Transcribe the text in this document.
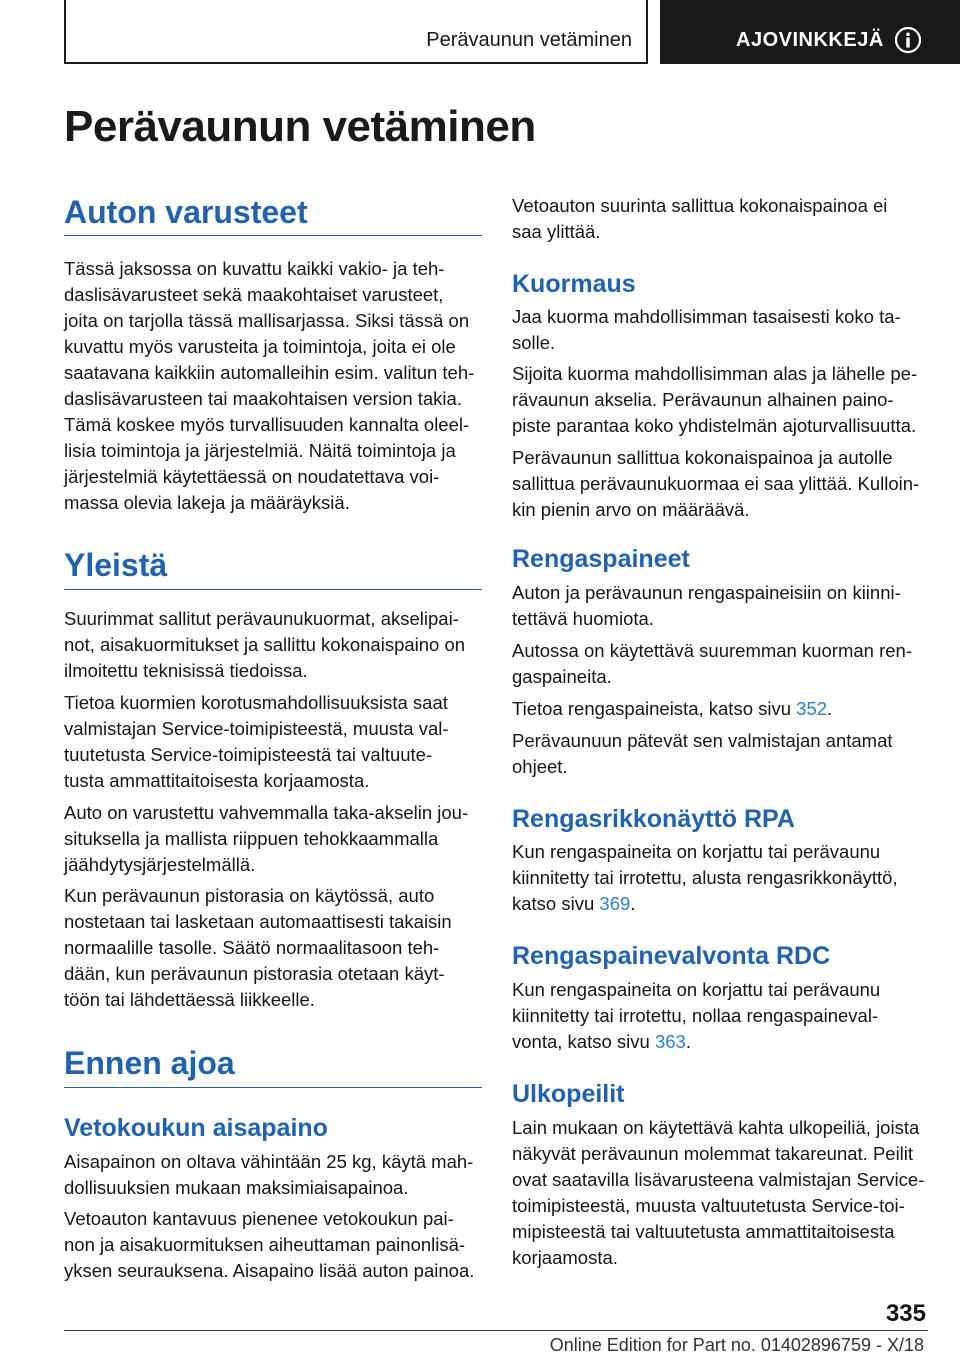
Perävaunun vetäminen	AJOVINKKEJÄ
Perävaunun vetäminen
Auton varusteet

Tässä jaksossa on kuvattu kaikki vakio- ja teh-
daslisävarusteet sekä maakohtaiset varusteet,
joita on tarjolla tässä mallisarjassa. Siksi tässä on
kuvattu myös varusteita ja toimintoja, joita ei ole
saatavana kaikkiin automalleihin esim. valitun teh-
daslisävarusteen tai maakohtaisen version takia.
Tämä koskee myös turvallisuuden kannalta oleel-
lisia toimintoja ja järjestelmiä. Näitä toimintoja ja
järjestelmiä käytettäessä on noudatettava voi-
massa olevia lakeja ja määräyksiä.

Yleistä

Suurimmat sallitut perävaunukuormat, akselipai-
not, aisakuormitukset ja sallittu kokonaispaino on
ilmoitettu teknisissä tiedoissa.

Tietoa kuormien korotusmahdollisuuksista saat
valmistajan Service-toimipisteestä, muusta val-
tuutetusta Service-toimipisteestä tai valtuute-
tusta ammattitaitoisesta korjaamosta.

Auto on varustettu vahvemmalla taka-akselin jou-
situksella ja mallista riippuen tehokkaammalla
jäähdytysjärjestelmällä.

Kun perävaunun pistorasia on käytössä, auto
nostetaan tai lasketaan automaattisesti takaisin
normaalille tasolle. Säätö normaalitasoon teh-
dään, kun perävaunun pistorasia otetaan käyt-
töön tai lähdettäessä liikkeelle.

Ennen ajoa
Vetokoukun aisapaino

Aisapainon on oltava vähintään 25 kg, käytä mah-
dollisuuksien mukaan maksimiaisapainoa.

Vetoauton kantavuus pienenee vetokoukun pai-
non ja aisakuormituksen aiheuttaman painonlisä-
yksen seurauksena. Aisapaino lisää auton painoa.

Vetoauton suurinta sallittua kokonaispainoa ei
saa ylittää.

Kuormaus

Jaa kuorma mahdollisimman tasaisesti koko ta-
solle.

Sijoita kuorma mahdollisimman alas ja lähelle pe-
rävaunun akselia. Perävaunun alhainen paino-
piste parantaa koko yhdistelmän ajoturvallisuutta.

Perävaunun sallittua kokonaispainoa ja autolle
sallittua perävaunukuormaa ei saa ylittää. Kulloin-
kin pienin arvo on määräävä.

Rengaspaineet

Auton ja perävaunun rengaspaineisiin on kiinni-
tettävä huomiota.

Autossa on käytettävä suuremman kuorman ren-
gaspaineita.

Tietoa rengaspaineista, katso sivu 352.

Perävaunuun pätevät sen valmistajan antamat
ohjeet.

Rengasrikkonäyttö RPA

Kun rengaspaineita on korjattu tai perävaunu
kiinnitetty tai irrotettu, alusta rengasrikkonäyttö,
katso sivu 369.

Rengaspainevalvonta RDC

Kun rengaspaineita on korjattu tai perävaunu
kiinnitetty tai irrotettu, nollaa rengaspaineval-
vonta, katso sivu 363.

Ulkopeilit

Lain mukaan on käytettävä kahta ulkopeiliä, joista
näkyvät perävaunun molemmat takareunat. Peilit
ovat saatavilla lisävarusteena valmistajan Service-
toimipisteestä, muusta valtuutetusta Service-toi-
mipisteestä tai valtuutetusta ammattitaitoisesta
korjaamosta.

335
Online Edition for Part no. 01402896759 - X/18
